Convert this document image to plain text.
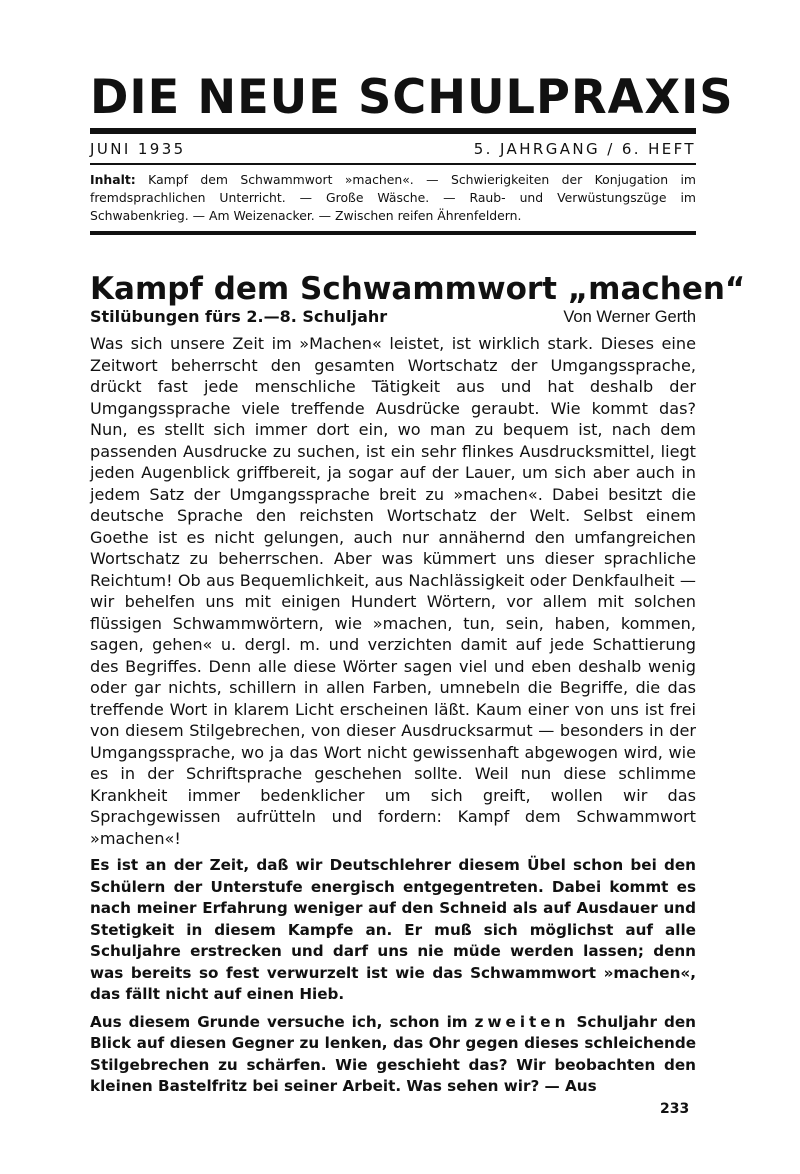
DIE NEUE SCHULPRAXIS
JUNI 1935	5. JAHRGANG / 6. HEFT
Inhalt: Kampf dem Schwammwort »machen«. — Schwierigkeiten der Konjugation im fremdsprachlichen Unterricht. — Große Wäsche. — Raub- und Verwüstungszüge im Schwabenkrieg. — Am Weizenacker. — Zwischen reifen Ährenfeldern.
Kampf dem Schwammwort „machen“
Stilübungen fürs 2.—8. Schuljahr	Von Werner Gerth

Was sich unsere Zeit im »Machen« leistet, ist wirklich stark. Dieses eine Zeitwort beherrscht den gesamten Wortschatz der Umgangssprache, drückt fast jede menschliche Tätigkeit aus und hat deshalb der Umgangssprache viele treffende Ausdrücke geraubt. Wie kommt das? Nun, es stellt sich immer dort ein, wo man zu bequem ist, nach dem passenden Ausdrucke zu suchen, ist ein sehr flinkes Ausdrucksmittel, liegt jeden Augenblick griffbereit, ja sogar auf der Lauer, um sich aber auch in jedem Satz der Umgangssprache breit zu »machen«. Dabei besitzt die deutsche Sprache den reichsten Wortschatz der Welt. Selbst einem Goethe ist es nicht gelungen, auch nur annähernd den umfangreichen Wortschatz zu beherrschen. Aber was kümmert uns dieser sprachliche Reichtum! Ob aus Bequemlichkeit, aus Nachlässigkeit oder Denkfaulheit — wir behelfen uns mit einigen Hundert Wörtern, vor allem mit solchen flüssigen Schwammwörtern, wie »machen, tun, sein, haben, kommen, sagen, gehen« u. dergl. m. und verzichten damit auf jede Schattierung des Begriffes. Denn alle diese Wörter sagen viel und eben deshalb wenig oder gar nichts, schillern in allen Farben, umnebeln die Begriffe, die das treffende Wort in klarem Licht erscheinen läßt. Kaum einer von uns ist frei von diesem Stilgebrechen, von dieser Ausdrucksarmut — besonders in der Umgangssprache, wo ja das Wort nicht gewissenhaft abgewogen wird, wie es in der Schriftsprache geschehen sollte. Weil nun diese schlimme Krankheit immer bedenklicher um sich greift, wollen wir das Sprachgewissen aufrütteln und fordern: Kampf dem Schwammwort »machen«!

Es ist an der Zeit, daß wir Deutschlehrer diesem Übel schon bei den Schülern der Unterstufe energisch entgegentreten. Dabei kommt es nach meiner Erfahrung weniger auf den Schneid als auf Ausdauer und Stetigkeit in diesem Kampfe an. Er muß sich möglichst auf alle Schuljahre erstrecken und darf uns nie müde werden lassen; denn was bereits so fest verwurzelt ist wie das Schwammwort »machen«, das fällt nicht auf einen Hieb.

Aus diesem Grunde versuche ich, schon im zweiten Schuljahr den Blick auf diesen Gegner zu lenken, das Ohr gegen dieses schleichende Stilgebrechen zu schärfen. Wie geschieht das? Wir beobachten den kleinen Bastelfritz bei seiner Arbeit. Was sehen wir? — Aus

233
